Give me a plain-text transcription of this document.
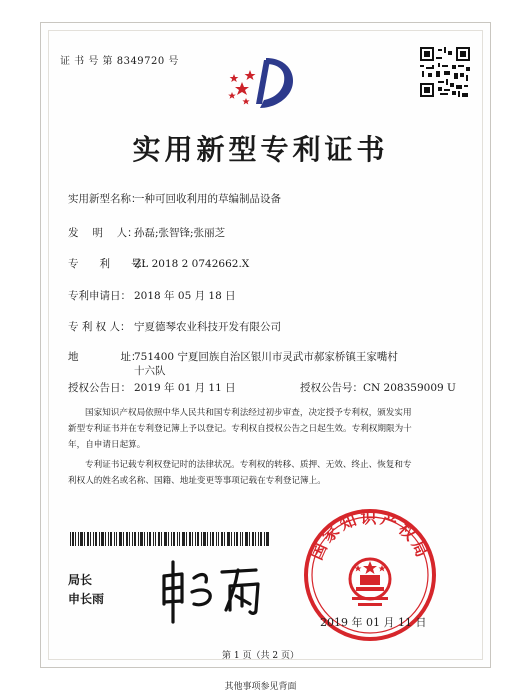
证 书 号 第 8349720 号
实用新型专利证书
实用新型名称：一种可回收利用的草编制品设备
发　 明　 人：孙磊;张智锋;张丽芝
专　　利　　号：ZL 2018 2 0742662.X
专利申请日： 2018 年 05 月 18 日
专 利 权 人： 宁夏德琴农业科技开发有限公司
地　　　　址：751400 宁夏回族自治区银川市灵武市郝家桥镇王家嘴村
十六队
授权公告日： 2019 年 01 月 11 日	授权公告号：CN 208359009 U
国家知识产权局依照中华人民共和国专利法经过初步审查，决定授予专利权，颁发实用
新型专利证书并在专利登记簿上予以登记。专利权自授权公告之日起生效。专利权期限为十
年，自申请日起算。
专利证书记载专利权登记时的法律状况。专利权的转移、质押、无效、终止、恢复和专
利权人的姓名或名称、国籍、地址变更等事项记载在专利登记簿上。
局长
申长雨
国家知识产权局
2019 年 01 月 11 日
第 1 页（共 2 页）
其他事项参见背面
